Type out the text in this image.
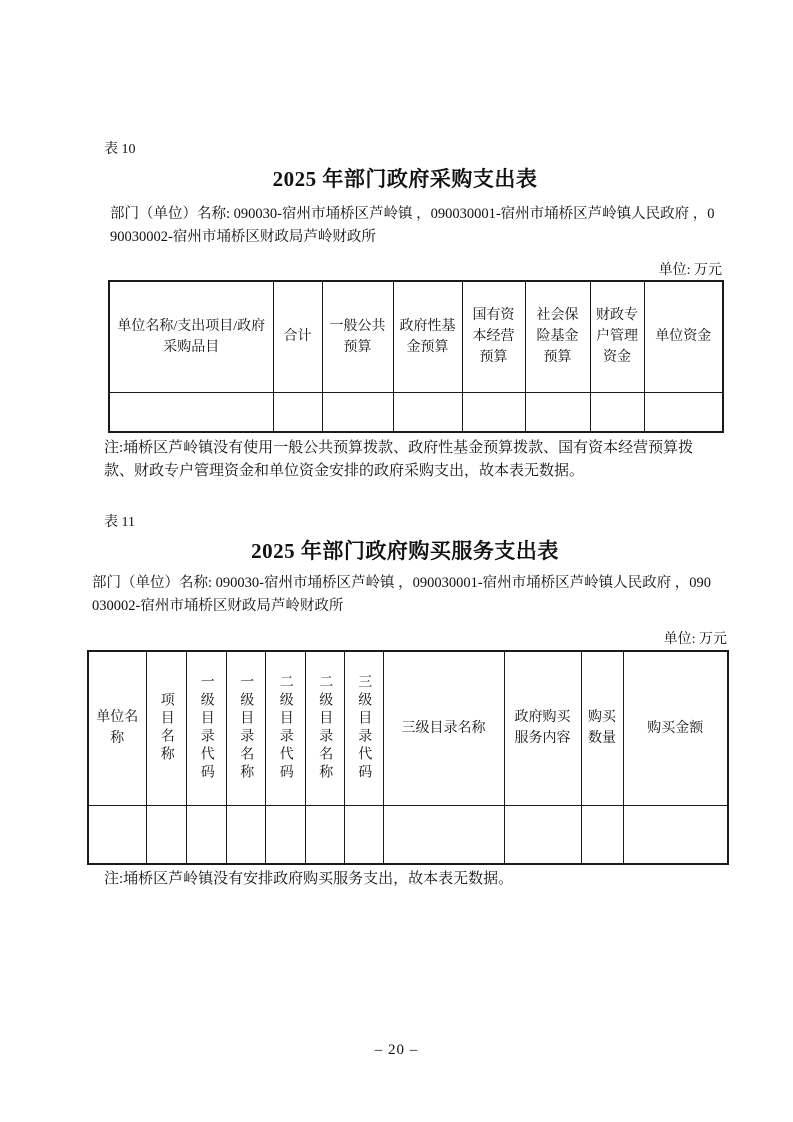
表 10
2025 年部门政府采购支出表

部门（单位）名称: 090030-宿州市埇桥区芦岭镇 ，090030001-宿州市埇桥区芦岭镇人民政府 ，090030002-宿州市埇桥区财政局芦岭财政所

单位: 万元
单位名称/支出项目/政府采购品目	合计	一般公共预算	政府性基金预算	国有资本经营预算	社会保险基金预算	财政专户管理资金	单位资金

注:埇桥区芦岭镇没有使用一般公共预算拨款、政府性基金预算拨款、国有资本经营预算拨款、财政专户管理资金和单位资金安排的政府采购支出，故本表无数据。

表 11
2025 年部门政府购买服务支出表

部门（单位）名称: 090030-宿州市埇桥区芦岭镇 ，090030001-宿州市埇桥区芦岭镇人民政府 ，090030002-宿州市埇桥区财政局芦岭财政所

单位: 万元
单位名称	项目名称	一级目录代码	一级目录名称	二级目录代码	二级目录名称	三级目录代码	三级目录名称	政府购买服务内容	购买数量	购买金额

注:埇桥区芦岭镇没有安排政府购买服务支出，故本表无数据。

– 20 –
